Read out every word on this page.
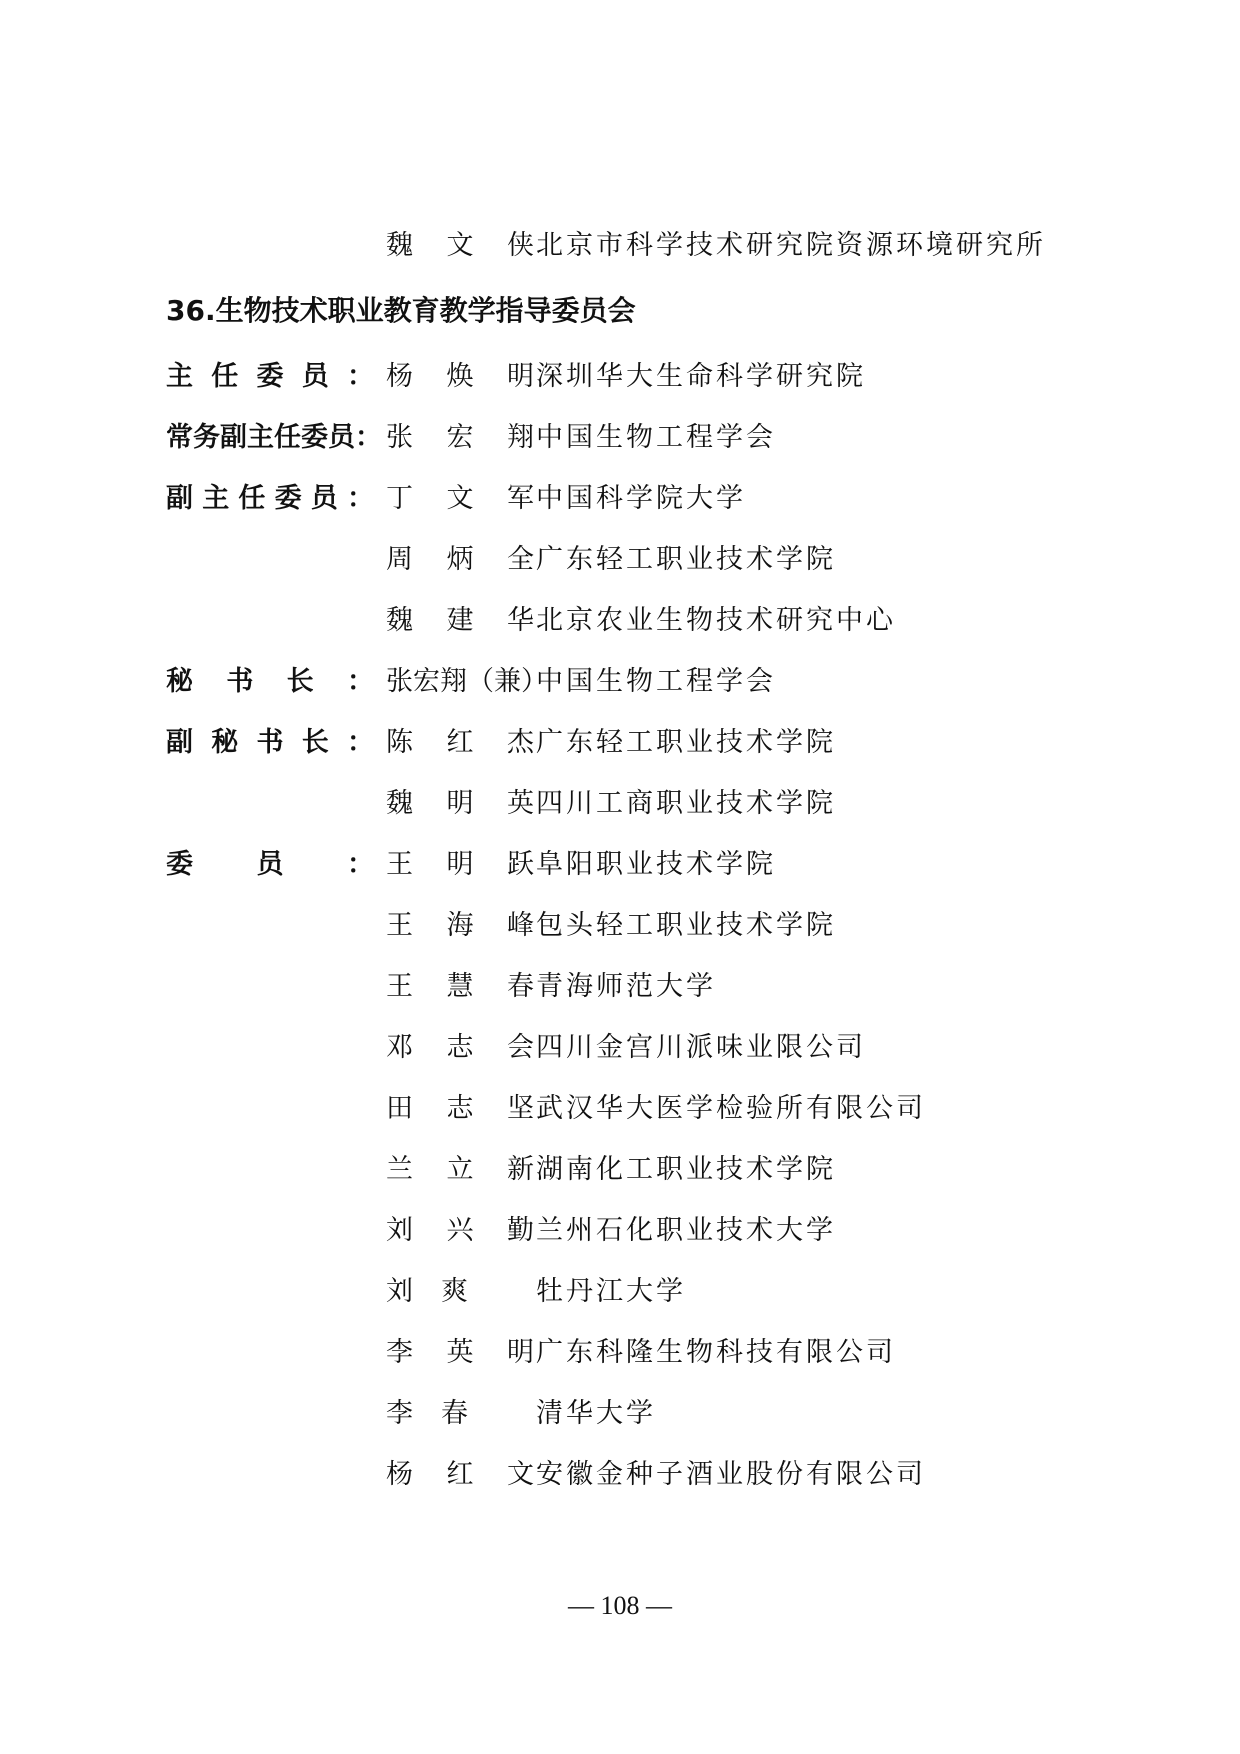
魏 文 侠 北京市科学技术研究院资源环境研究所
36.生物技术职业教育教学指导委员会
主 任 委 员 ： 杨 焕 明 深圳华大生命科学研究院
常 务 副 主 任 委 员 ： 张 宏 翔 中国生物工程学会
副 主 任 委 员 ： 丁 文 军 中国科学院大学
周 炳 全 广东轻工职业技术学院
魏 建 华 北京农业生物技术研究中心
秘 书 长 ： 张宏翔（兼）
中国生物工程学会
副 秘 书 长 ： 陈 红 杰 广东轻工职业技术学院
魏 明 英 四川工商职业技术学院
委 员 ： 王 明 跃 阜阳职业技术学院
王 海 峰 包头轻工职业技术学院
王 慧 春 青海师范大学
邓 志 会 四川金宫川派味业限公司
田 志 坚 武汉华大医学检验所有限公司
兰 立 新 湖南化工职业技术学院
刘 兴 勤 兰州石化职业技术大学
刘 爽 牡丹江大学
李 英 明 广东科隆生物科技有限公司
李 春 清华大学
杨 红 文 安徽金种子酒业股份有限公司
— 108 —
